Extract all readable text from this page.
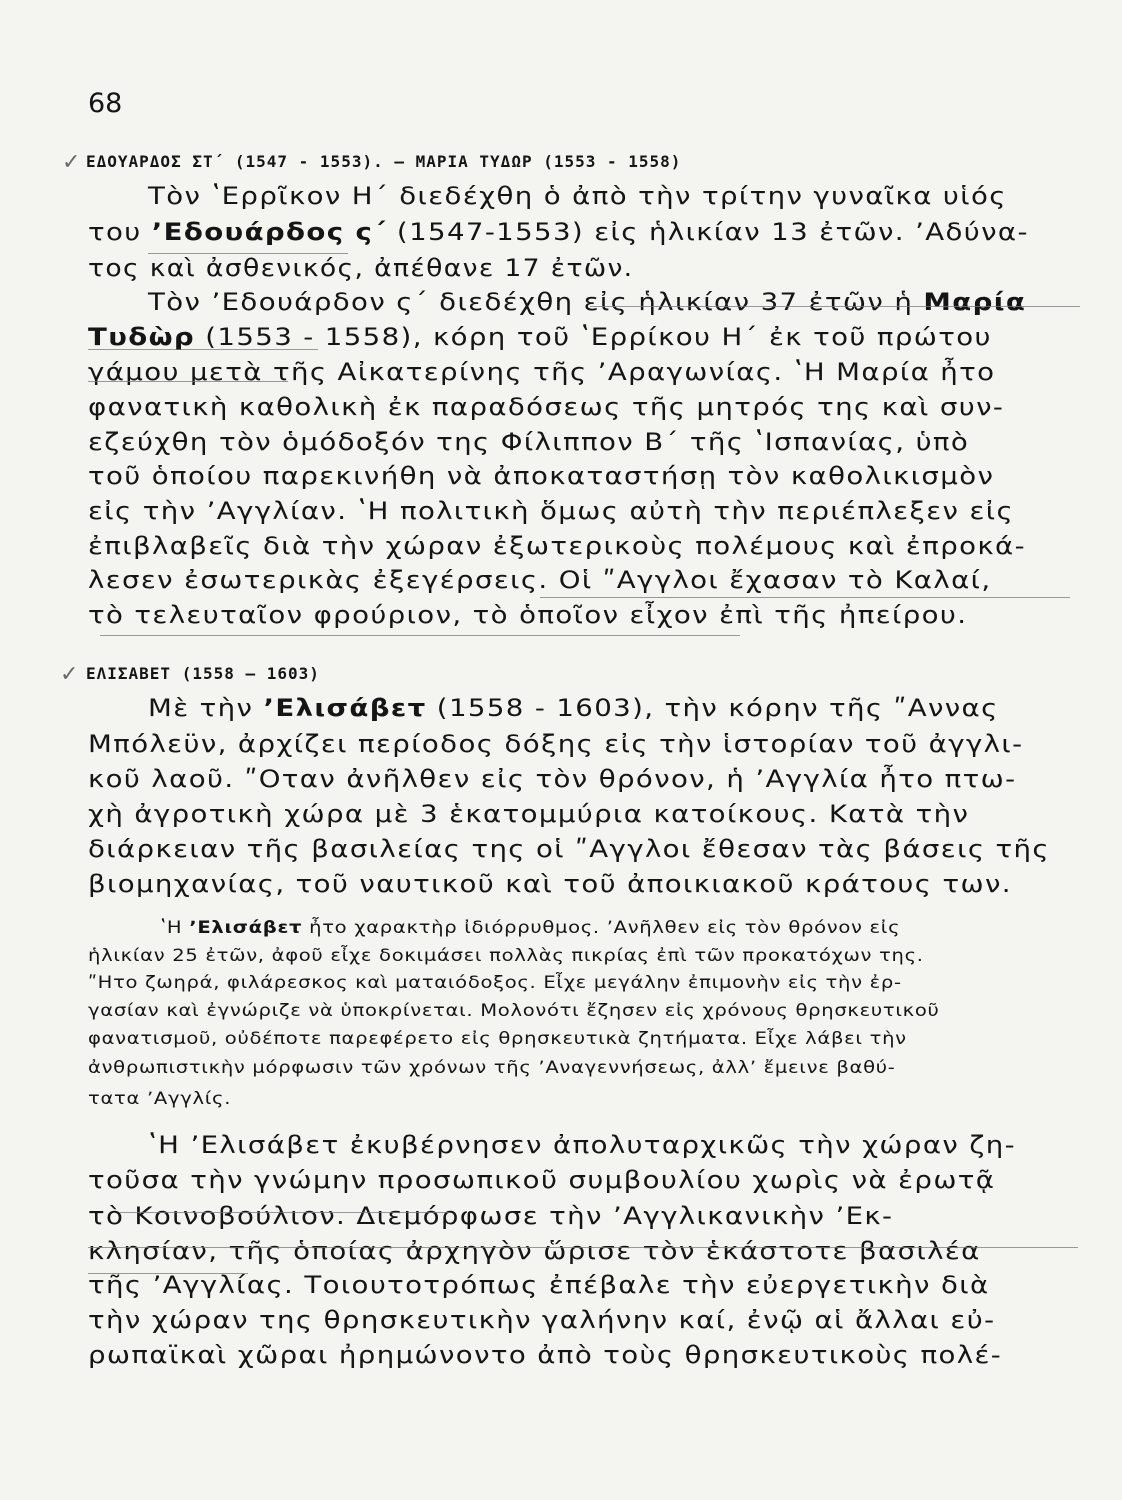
68
✓ ΕΔΟΥΑΡΔΟΣ ΣΤ΄ (1547 - 1553). – ΜΑΡΙΑ ΤΥΔΩΡ (1553 - 1558)
Τὸν ʽΕρρῖκον Η΄ διεδέχθη ὁ ἀπὸ τὴν τρίτην γυναῖκα υἱός
του ʼΕδουάρδος ς΄ (1547-1553) εἰς ἡλικίαν 13 ἐτῶν. ʼΑδύνα-
τος καὶ ἀσθενικός, ἀπέθανε 17 ἐτῶν.
Τὸν ʼΕδουάρδον ς΄ διεδέχθη εἰς ἡλικίαν 37 ἐτῶν ἡ Μαρία
Τυδὼρ (1553 - 1558), κόρη τοῦ ʽΕρρίκου Η΄ ἐκ τοῦ πρώτου
γάμου μετὰ τῆς Αἰκατερίνης τῆς ʼΑραγωνίας. ʽΗ Μαρία ἦτο
φανατικὴ καθολικὴ ἐκ παραδόσεως τῆς μητρός της καὶ συν-
εζεύχθη τὸν ὁμόδοξόν της Φίλιππον Β΄ τῆς ʽΙσπανίας, ὑπὸ
τοῦ ὁποίου παρεκινήθη νὰ ἀποκαταστήσῃ τὸν καθολικισμὸν
εἰς τὴν ʼΑγγλίαν. ʽΗ πολιτικὴ ὅμως αὐτὴ τὴν περιέπλεξεν εἰς
ἐπιβλαβεῖς διὰ τὴν χώραν ἐξωτερικοὺς πολέμους καὶ ἐπροκά-
λεσεν ἐσωτερικὰς ἐξεγέρσεις. Οἱ ʺΑγγλοι ἔχασαν τὸ Καλαί,
τὸ τελευταῖον φρούριον, τὸ ὁποῖον εἶχον ἐπὶ τῆς ἠπείρου.
✓ ΕΛΙΣΑΒΕΤ (1558 – 1603)
Μὲ τὴν ʼΕλισάβετ (1558 - 1603), τὴν κόρην τῆς ʺΑννας
Μπόλεϋν, ἀρχίζει περίοδος δόξης εἰς τὴν ἱστορίαν τοῦ ἀγγλι-
κοῦ λαοῦ. ʺΟταν ἀνῆλθεν εἰς τὸν θρόνον, ἡ ʼΑγγλία ἦτο πτω-
χὴ ἀγροτικὴ χώρα μὲ 3 ἑκατομμύρια κατοίκους. Κατὰ τὴν
διάρκειαν τῆς βασιλείας της οἱ ʺΑγγλοι ἔθεσαν τὰς βάσεις τῆς
βιομηχανίας, τοῦ ναυτικοῦ καὶ τοῦ ἀποικιακοῦ κράτους των.
ʽΗ ʼΕλισάβετ ἦτο χαρακτὴρ ἰδιόρρυθμος. ʼΑνῆλθεν εἰς τὸν θρόνον εἰς
ἡλικίαν 25 ἐτῶν, ἀφοῦ εἶχε δοκιμάσει πολλὰς πικρίας ἐπὶ τῶν προκατόχων της.
ʺΗτο ζωηρά, φιλάρεσκος καὶ ματαιόδοξος. Εἶχε μεγάλην ἐπιμονὴν εἰς τὴν ἐρ-
γασίαν καὶ ἐγνώριζε νὰ ὑποκρίνεται. Μολονότι ἔζησεν εἰς χρόνους θρησκευτικοῦ
φανατισμοῦ, οὐδέποτε παρεφέρετο εἰς θρησκευτικὰ ζητήματα. Εἶχε λάβει τὴν
ἀνθρωπιστικὴν μόρφωσιν τῶν χρόνων τῆς ʼΑναγεννήσεως, ἀλλʼ ἔμεινε βαθύ-
τατα ʼΑγγλίς.
ʽΗ ʼΕλισάβετ ἐκυβέρνησεν ἀπολυταρχικῶς τὴν χώραν ζη-
τοῦσα τὴν γνώμην προσωπικοῦ συμβουλίου χωρὶς νὰ ἐρωτᾷ
τὸ Κοινοβούλιον. Διεμόρφωσε τὴν ʼΑγγλικανικὴν ʼΕκ-
κλησίαν, τῆς ὁποίας ἀρχηγὸν ὥρισε τὸν ἑκάστοτε βασιλέα
τῆς ʼΑγγλίας. Τοιουτοτρόπως ἐπέβαλε τὴν εὐεργετικὴν διὰ
τὴν χώραν της θρησκευτικὴν γαλήνην καί, ἐνῷ αἱ ἄλλαι εὐ-
ρωπαϊκαὶ χῶραι ἠρημώνοντο ἀπὸ τοὺς θρησκευτικοὺς πολέ-
